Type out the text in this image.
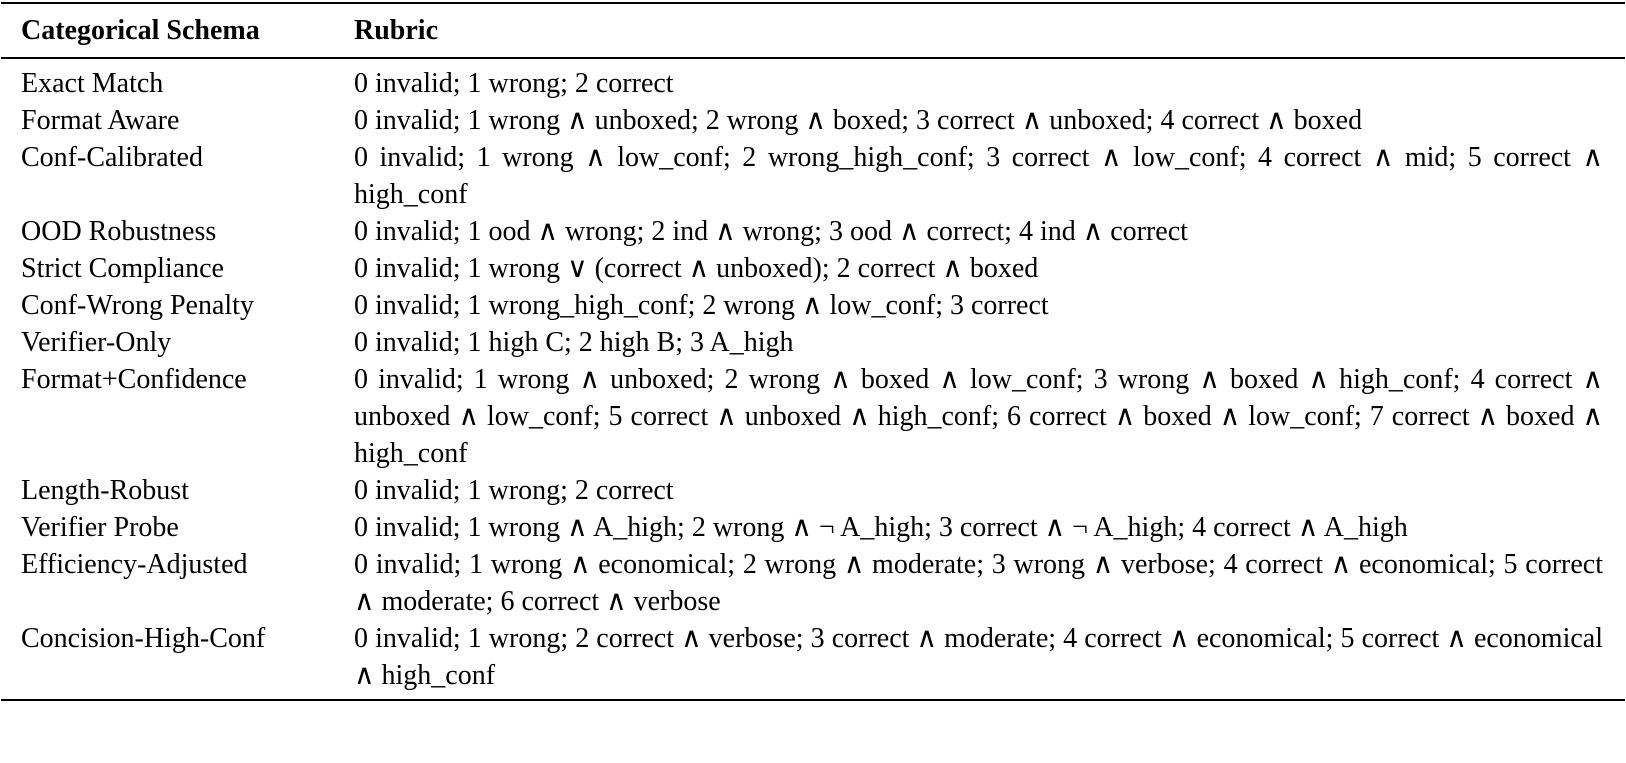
Categorical Schema	Rubric

Exact Match	0 invalid; 1 wrong; 2 correct
Format Aware	0 invalid; 1 wrong ∧ unboxed; 2 wrong ∧ boxed; 3 correct ∧ unboxed; 4 correct ∧ boxed
Conf-Calibrated	0 invalid; 1 wrong ∧ low_conf; 2 wrong_high_conf; 3 correct ∧ low_conf; 4 correct ∧ mid; 5 correct ∧ high_conf
OOD Robustness	0 invalid; 1 ood ∧ wrong; 2 ind ∧ wrong; 3 ood ∧ correct; 4 ind ∧ correct
Strict Compliance	0 invalid; 1 wrong ∨ (correct ∧ unboxed); 2 correct ∧ boxed
Conf-Wrong Penalty	0 invalid; 1 wrong_high_conf; 2 wrong ∧ low_conf; 3 correct
Verifier-Only	0 invalid; 1 high C; 2 high B; 3 A_high
Format+Confidence	0 invalid; 1 wrong ∧ unboxed; 2 wrong ∧ boxed ∧ low_conf; 3 wrong ∧ boxed ∧ high_conf; 4 correct ∧ unboxed ∧ low_conf; 5 correct ∧ unboxed ∧ high_conf; 6 correct ∧ boxed ∧ low_conf; 7 correct ∧ boxed ∧ high_conf
Length-Robust	0 invalid; 1 wrong; 2 correct
Verifier Probe	0 invalid; 1 wrong ∧ A_high; 2 wrong ∧ ¬ A_high; 3 correct ∧ ¬ A_high; 4 correct ∧ A_high
Efficiency-Adjusted	0 invalid; 1 wrong ∧ economical; 2 wrong ∧ moderate; 3 wrong ∧ verbose; 4 correct ∧ economical; 5 correct ∧ moderate; 6 correct ∧ verbose
Concision-High-Conf	0 invalid; 1 wrong; 2 correct ∧ verbose; 3 correct ∧ moderate; 4 correct ∧ economical; 5 correct ∧ economical ∧ high_conf
